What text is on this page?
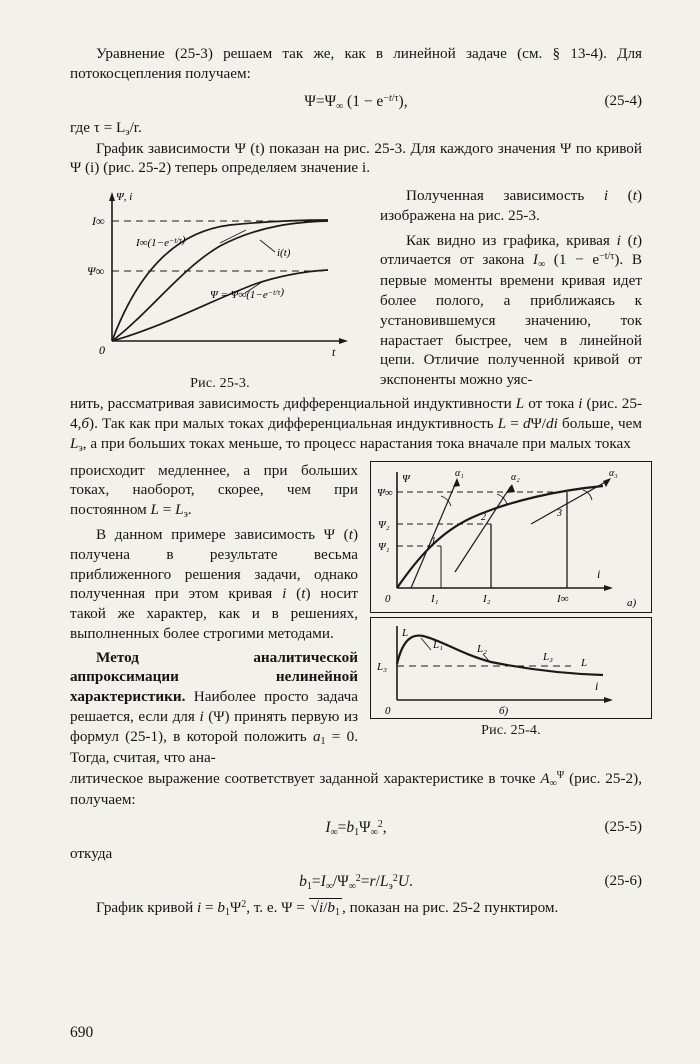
Уравнение (25-3) решаем так же, как в линейной задаче (см. § 13-4). Для потокосцепления получаем:

$\Psi=\Psi_\infty$ $(1 - e^{-t/\tau})$,	(25-4)

где $\tau = L_э/r$.

График зависимости Ψ (t) показан на рис. 25-3. Для каждого значения Ψ по кривой Ψ (i) (рис. 25-2) теперь определяем значение i.

Ψ, i
t
I∞
Ψ∞
0
$I\infty(1-e^{-t/\tau})$
i(t)
$\Psi = \Psi\infty(1-e^{-t/\tau})$
Рис. 25-3.

Полученная зависимость i (t) изображена на рис. 25-3.

Как видно из графика, кривая i (t) отличается от закона $I_\infty$ $(1 - e^{-t/\tau})$. В первые моменты времени кривая идет более полого, а приближаясь к установившемуся значению, ток нарастает быстрее, чем в линейной цепи. Отличие полученной кривой от экспоненты можно уяс-

нить, рассматривая зависимость дифференциальной индуктивности L от тока i (рис. 25-4,б). Так как при малых токах дифференциальная индуктивность L = dΨ/di больше, чем $L_э$, а при больших токах меньше, то процесс нарастания тока вначале при малых токах

происходит медленнее, а при больших токах, наоборот, скорее, чем при постоянном $L = L_э$.

В данном примере зависимость Ψ (t) получена в результате весьма приближенного решения задачи, однако полученная при этом кривая i (t) носит такой же характер, как и в решениях, выполненных более строгими методами.

Метод аналитической аппроксимации нелинейной характеристики. Наиболее просто задача решается, если для i (Ψ) принять первую из формул (25-1), в которой положить $a_1 = 0$. Тогда, считая, что ана-

Ψ
Ψ∞
Ψ₂
Ψ₁
0	I₁	I₂	I∞
i
1
2	3
α₁	α₂	α₃
а)
L
L₃
0
i
L₁	L₂
L₃	L
б)
Рис. 25-4.

литическое выражение соответствует заданной характеристике в точке $A_\infty^\Psi$ (рис. 25-2), получаем:

$I_\infty=b_1\Psi_\infty^2$,	(25-5)

откуда

$b_1=I_\infty/\Psi_\infty^2=r/L_э^2U$.	(25-6)

График кривой $i = b_1\Psi^2$, т. е. $\Psi = √i/b_1$ , показан на рис. 25-2 пунктиром.

690
